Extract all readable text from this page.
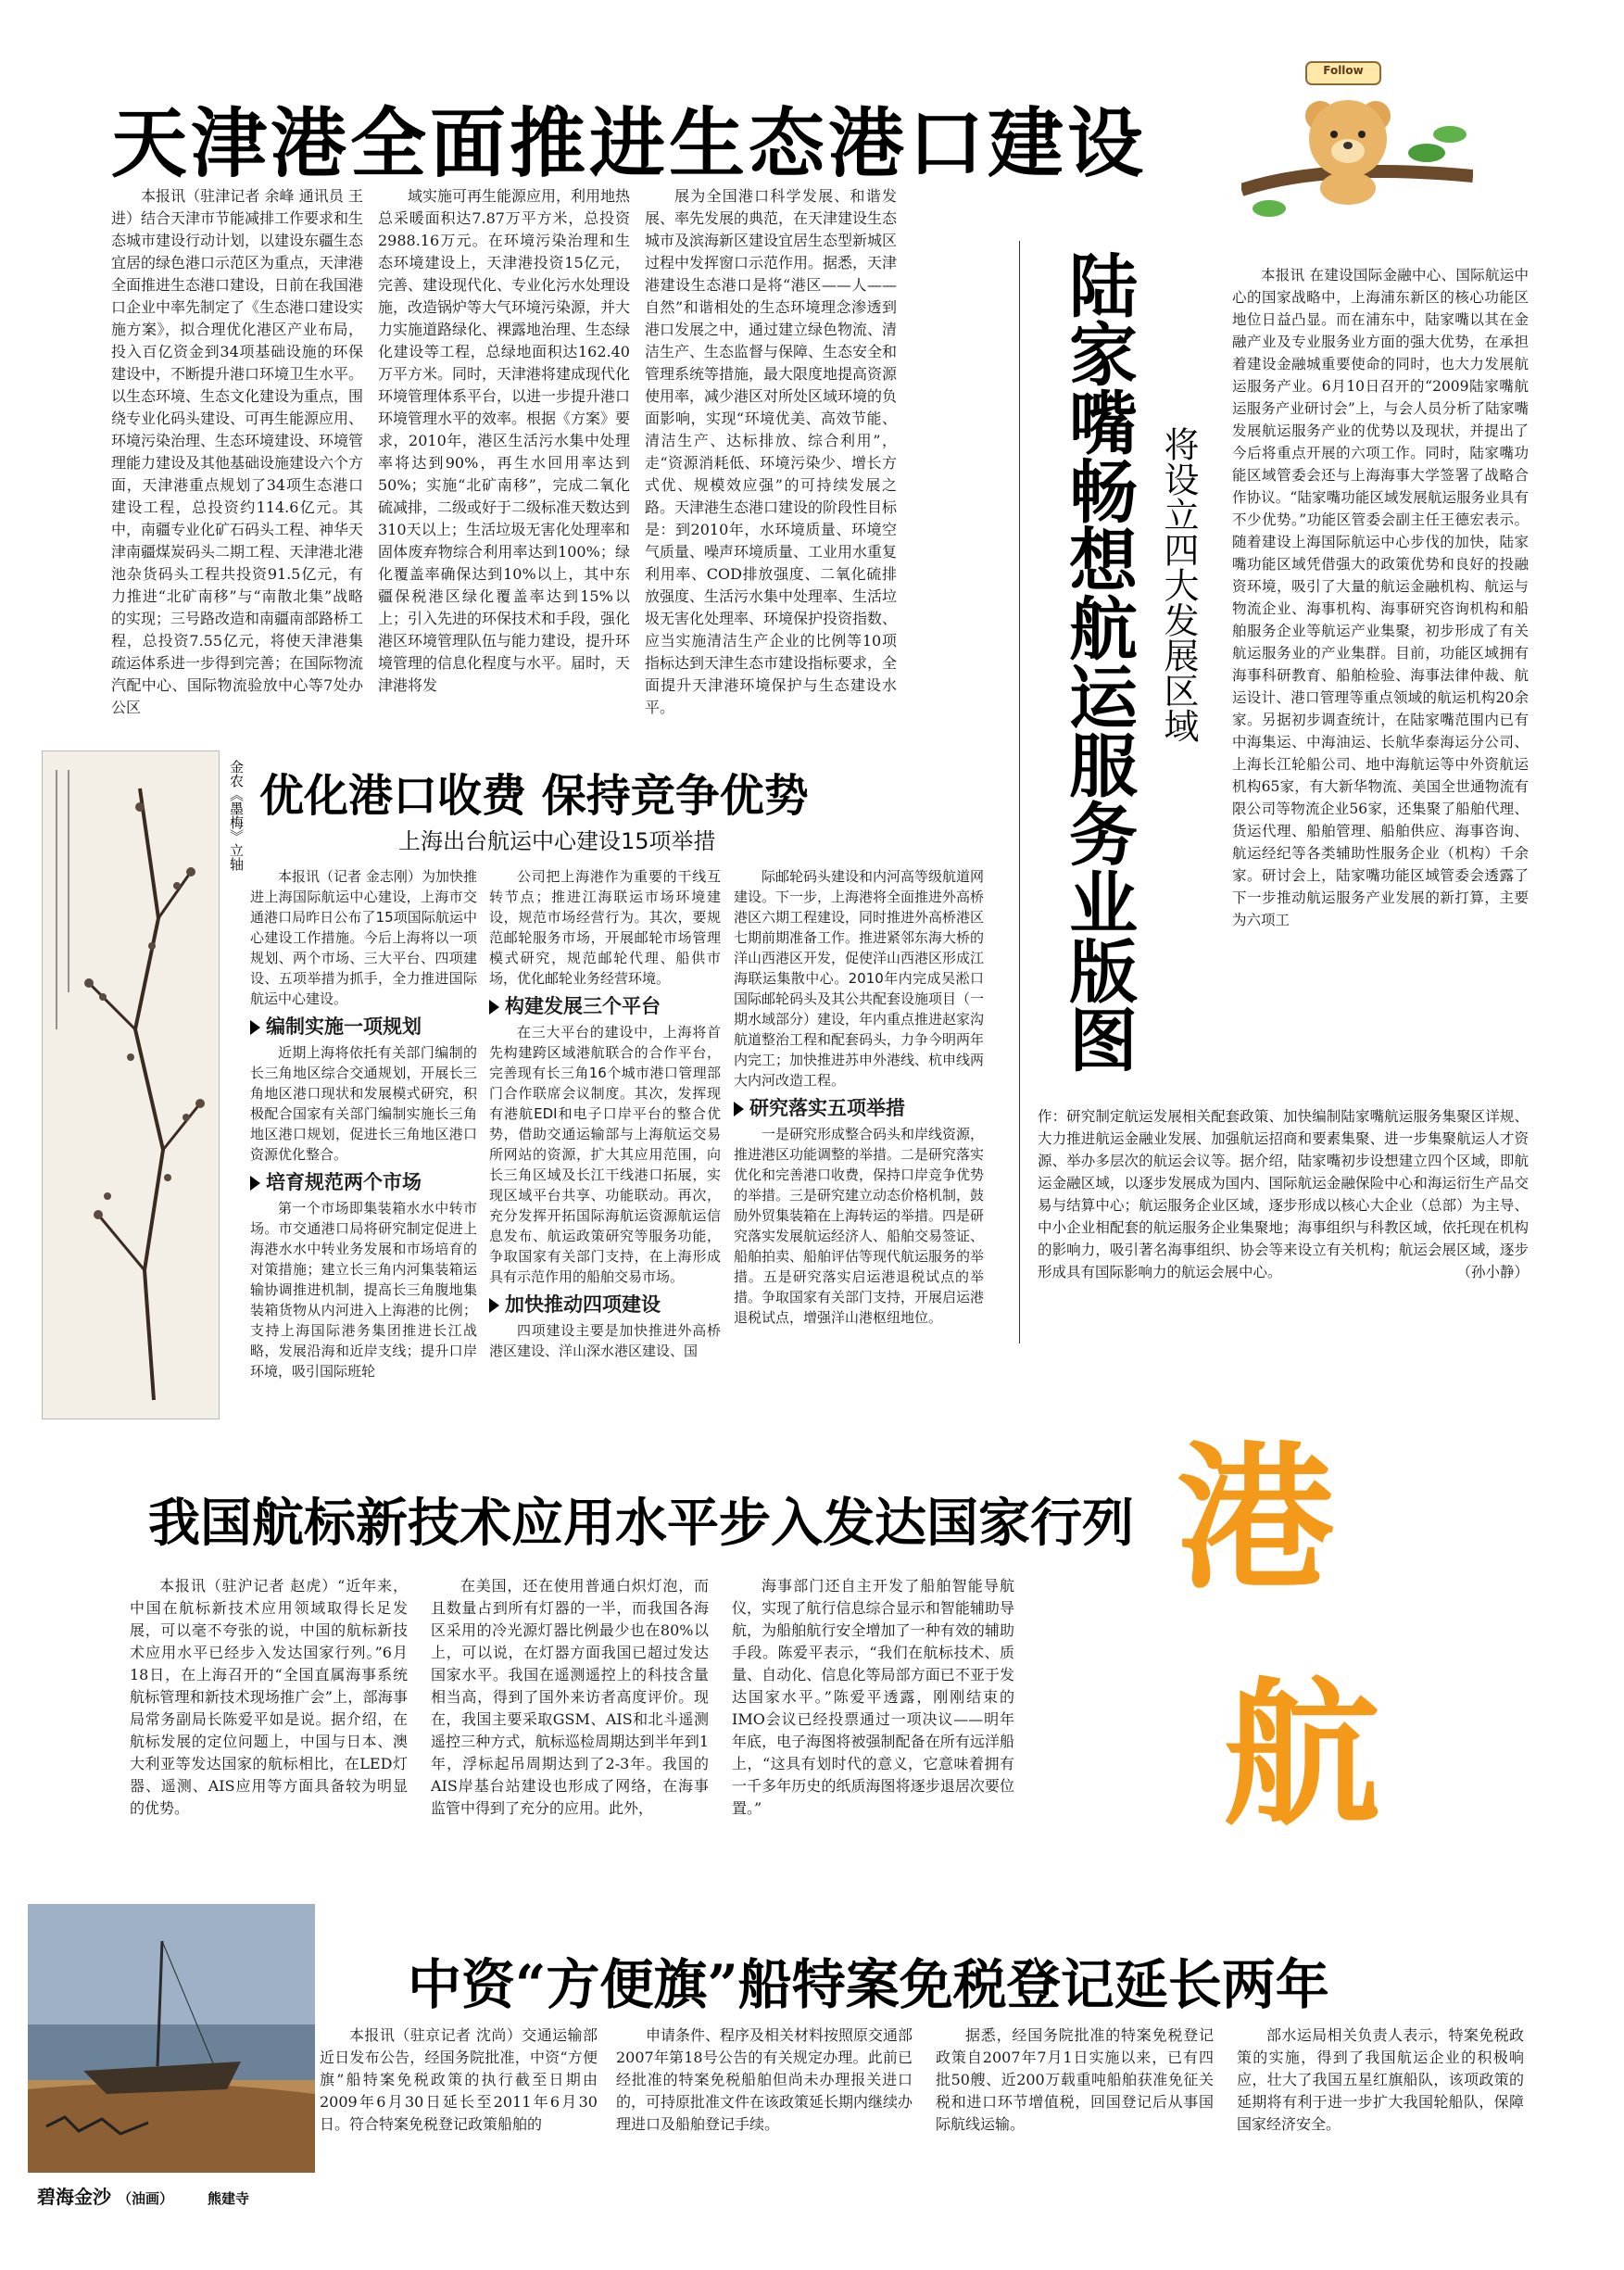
天津港全面推进生态港口建设
Follow
本报讯（驻津记者 余峰 通讯员 王进）结合天津市节能减排工作要求和生态城市建设行动计划，以建设东疆生态宜居的绿色港口示范区为重点，天津港全面推进生态港口建设，日前在我国港口企业中率先制定了《生态港口建设实施方案》，拟合理优化港区产业布局，投入百亿资金到34项基础设施的环保建设中，不断提升港口环境卫生水平。以生态环境、生态文化建设为重点，围绕专业化码头建设、可再生能源应用、环境污染治理、生态环境建设、环境管理能力建设及其他基础设施建设六个方面，天津港重点规划了34项生态港口建设工程，总投资约114.6亿元。其中，南疆专业化矿石码头工程、神华天津南疆煤炭码头二期工程、天津港北港池杂货码头工程共投资91.5亿元，有力推进“北矿南移”与“南散北集”战略的实现；三号路改造和南疆南部路桥工程，总投资7.55亿元，将使天津港集疏运体系进一步得到完善；在国际物流汽配中心、国际物流验放中心等7处办公区
域实施可再生能源应用，利用地热总采暖面积达7.87万平方米，总投资2988.16万元。在环境污染治理和生态环境建设上，天津港投资15亿元，完善、建设现代化、专业化污水处理设施，改造锅炉等大气环境污染源，并大力实施道路绿化、裸露地治理、生态绿化建设等工程，总绿地面积达162.40万平方米。同时，天津港将建成现代化环境管理体系平台，以进一步提升港口环境管理水平的效率。根据《方案》要求，2010年，港区生活污水集中处理率将达到90%，再生水回用率达到50%；实施“北矿南移”，完成二氧化硫减排，二级或好于二级标准天数达到310天以上；生活垃圾无害化处理率和固体废弃物综合利用率达到100%；绿化覆盖率确保达到10%以上，其中东疆保税港区绿化覆盖率达到15%以上；引入先进的环保技术和手段，强化港区环境管理队伍与能力建设，提升环境管理的信息化程度与水平。届时，天津港将发
展为全国港口科学发展、和谐发展、率先发展的典范，在天津建设生态城市及滨海新区建设宜居生态型新城区过程中发挥窗口示范作用。据悉，天津港建设生态港口是将“港区——人——自然”和谐相处的生态环境理念渗透到港口发展之中，通过建立绿色物流、清洁生产、生态监督与保障、生态安全和管理系统等措施，最大限度地提高资源使用率，减少港区对所处区域环境的负面影响，实现“环境优美、高效节能、清洁生产、达标排放、综合利用”，走“资源消耗低、环境污染少、增长方式优、规模效应强”的可持续发展之路。天津港生态港口建设的阶段性目标是：到2010年，水环境质量、环境空气质量、噪声环境质量、工业用水重复利用率、COD排放强度、二氧化硫排放强度、生活污水集中处理率、生活垃圾无害化处理率、环境保护投资指数、应当实施清洁生产企业的比例等10项指标达到天津生态市建设指标要求，全面提升天津港环境保护与生态建设水平。	陆家嘴畅想航运服务业版图 将设立四大发展区域
本报讯 在建设国际金融中心、国际航运中心的国家战略中，上海浦东新区的核心功能区地位日益凸显。而在浦东中，陆家嘴以其在金融产业及专业服务业方面的强大优势，在承担着建设金融城重要使命的同时，也大力发展航运服务产业。6月10日召开的“2009陆家嘴航运服务产业研讨会”上，与会人员分析了陆家嘴发展航运服务产业的优势以及现状，并提出了今后将重点开展的六项工作。同时，陆家嘴功能区域管委会还与上海海事大学签署了战略合作协议。“陆家嘴功能区域发展航运服务业具有不少优势。”功能区管委会副主任王德宏表示。随着建设上海国际航运中心步伐的加快，陆家嘴功能区域凭借强大的政策优势和良好的投融资环境，吸引了大量的航运金融机构、航运与物流企业、海事机构、海事研究咨询机构和船舶服务企业等航运产业集聚，初步形成了有关航运服务业的产业集群。目前，功能区域拥有海事科研教育、船舶检验、海事法律仲裁、航运设计、港口管理等重点领域的航运机构20余家。另据初步调查统计，在陆家嘴范围内已有中海集运、中海油运、长航华泰海运分公司、上海长江轮船公司、地中海航运等中外资航运机构65家，有大新华物流、美国全世通物流有限公司等物流企业56家，还集聚了船舶代理、货运代理、船舶管理、船舶供应、海事咨询、航运经纪等各类辅助性服务企业（机构）千余家。研讨会上，陆家嘴功能区域管委会透露了下一步推动航运服务产业发展的新打算，主要为六项工
作：研究制定航运发展相关配套政策、加快编制陆家嘴航运服务集聚区详规、大力推进航运金融业发展、加强航运招商和要素集聚、进一步集聚航运人才资源、举办多层次的航运会议等。据介绍，陆家嘴初步设想建立四个区域，即航运金融区域，以逐步发展成为国内、国际航运金融保险中心和海运衍生产品交易与结算中心；航运服务企业区域，逐步形成以核心大企业（总部）为主导、中小企业相配套的航运服务企业集聚地；海事组织与科教区域，依托现在机构的影响力，吸引著名海事组织、协会等来设立有关机构；航运会展区域，逐步形成具有国际影响力的航运会展中心。	（孙小静）
金农《墨梅》立轴 优化港口收费 保持竞争优势
上海出台航运中心建设15项举措

本报讯（记者 金志刚）为加快推进上海国际航运中心建设，上海市交通港口局昨日公布了15项国际航运中心建设工作措施。今后上海将以一项规划、两个市场、三大平台、四项建设、五项举措为抓手，全力推进国际航运中心建设。

编制实施一项规划

近期上海将依托有关部门编制的长三角地区综合交通规划，开展长三角地区港口现状和发展模式研究，积极配合国家有关部门编制实施长三角地区港口规划，促进长三角地区港口资源优化整合。

培育规范两个市场

第一个市场即集装箱水水中转市场。市交通港口局将研究制定促进上海港水水中转业务发展和市场培育的对策措施；建立长三角内河集装箱运输协调推进机制，提高长三角腹地集装箱货物从内河进入上海港的比例；支持上海国际港务集团推进长江战略，发展沿海和近岸支线；提升口岸环境，吸引国际班轮

公司把上海港作为重要的干线互转节点；推进江海联运市场环境建设，规范市场经营行为。其次，要规范邮轮服务市场，开展邮轮市场管理模式研究，规范邮轮代理、船供市场，优化邮轮业务经营环境。

构建发展三个平台

在三大平台的建设中，上海将首先构建跨区域港航联合的合作平台，完善现有长三角16个城市港口管理部门合作联席会议制度。其次，发挥现有港航EDI和电子口岸平台的整合优势，借助交通运输部与上海航运交易所网站的资源，扩大其应用范围，向长三角区域及长江干线港口拓展，实现区域平台共享、功能联动。再次，充分发挥开拓国际海航运资源航运信息发布、航运政策研究等服务功能，争取国家有关部门支持，在上海形成具有示范作用的船舶交易市场。

加快推动四项建设

四项建设主要是加快推进外高桥港区建设、洋山深水港区建设、国

际邮轮码头建设和内河高等级航道网建设。下一步，上海港将全面推进外高桥港区六期工程建设，同时推进外高桥港区七期前期准备工作。推进紧邻东海大桥的洋山西港区开发，促使洋山西港区形成江海联运集散中心。2010年内完成吴淞口国际邮轮码头及其公共配套设施项目（一期水域部分）建设，年内重点推进赵家沟航道整治工程和配套码头，力争今明两年内完工；加快推进苏申外港线、杭申线两大内河改造工程。

研究落实五项举措

一是研究形成整合码头和岸线资源，推进港区功能调整的举措。二是研究落实优化和完善港口收费，保持口岸竞争优势的举措。三是研究建立动态价格机制，鼓励外贸集装箱在上海转运的举措。四是研究落实发展航运经济人、船舶交易签证、船舶拍卖、船舶评估等现代航运服务的举措。五是研究落实启运港退税试点的举措。争取国家有关部门支持，开展启运港退税试点，增强洋山港枢纽地位。

我国航标新技术应用水平步入发达国家行列
本报讯（驻沪记者 赵虎）“近年来，中国在航标新技术应用领域取得长足发展，可以毫不夸张的说，中国的航标新技术应用水平已经步入发达国家行列。”6月18日，在上海召开的“全国直属海事系统航标管理和新技术现场推广会”上，部海事局常务副局长陈爱平如是说。据介绍，在航标发展的定位问题上，中国与日本、澳大利亚等发达国家的航标相比，在LED灯器、遥测、AIS应用等方面具备较为明显的优势。
在美国，还在使用普通白炽灯泡，而且数量占到所有灯器的一半，而我国各海区采用的冷光源灯器比例最少也在80%以上，可以说，在灯器方面我国已超过发达国家水平。我国在遥测遥控上的科技含量相当高，得到了国外来访者高度评价。现在，我国主要采取GSM、AIS和北斗遥测遥控三种方式，航标巡检周期达到半年到1年，浮标起吊周期达到了2-3年。我国的AIS岸基台站建设也形成了网络，在海事监管中得到了充分的应用。此外，
海事部门还自主开发了船舶智能导航仪，实现了航行信息综合显示和智能辅助导航，为船舶航行安全增加了一种有效的辅助手段。陈爱平表示，“我们在航标技术、质量、自动化、信息化等局部方面已不亚于发达国家水平。”陈爱平透露，刚刚结束的IMO会议已经投票通过一项决议——明年年底，电子海图将被强制配备在所有远洋船上，“这具有划时代的意义，它意味着拥有一千多年历史的纸质海图将逐步退居次要位置。”
港
航
碧海金沙 （油画） 熊建寺
中资“方便旗”船特案免税登记延长两年
本报讯（驻京记者 沈尚）交通运输部近日发布公告，经国务院批准，中资“方便旗”船特案免税政策的执行截至日期由2009年6月30日延长至2011年6月30日。符合特案免税登记政策船舶的
申请条件、程序及相关材料按照原交通部2007年第18号公告的有关规定办理。此前已经批准的特案免税船舶但尚未办理报关进口的，可持原批准文件在该政策延长期内继续办理进口及船舶登记手续。
据悉，经国务院批准的特案免税登记政策自2007年7月1日实施以来，已有四批50艘、近200万载重吨船舶获准免征关税和进口环节增值税，回国登记后从事国际航线运输。
部水运局相关负责人表示，特案免税政策的实施，得到了我国航运企业的积极响应，壮大了我国五星红旗船队，该项政策的延期将有利于进一步扩大我国轮船队，保障国家经济安全。
